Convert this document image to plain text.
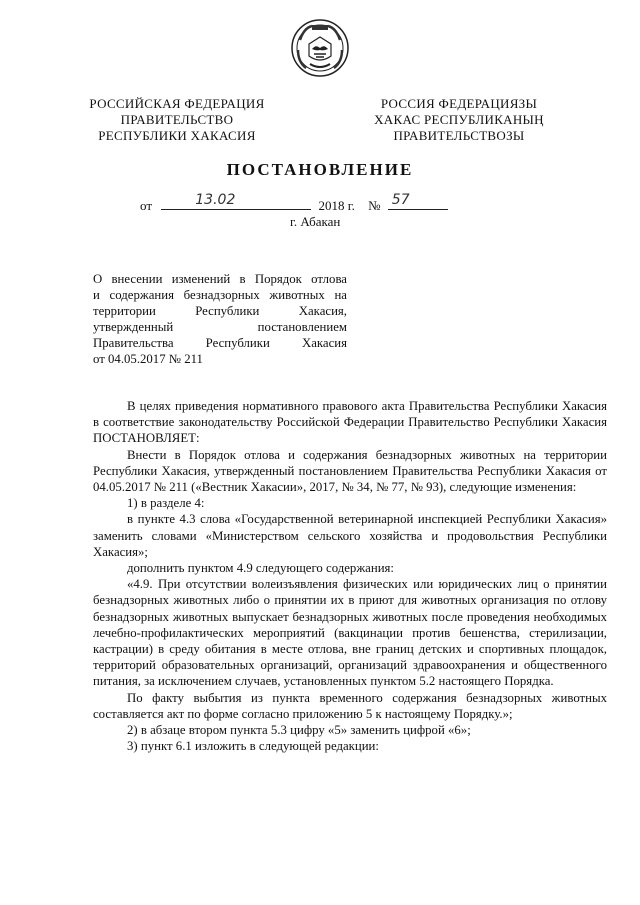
РОССИЙСКАЯ ФЕДЕРАЦИЯ
ПРАВИТЕЛЬСТВО
РЕСПУБЛИКИ ХАКАСИЯ
РОССИЯ ФЕДЕРАЦИЯЗЫ
ХАКАС РЕСПУБЛИКАНЫҢ
ПРАВИТЕЛЬСТВОЗЫ
ПОСТАНОВЛЕНИЕ
от	13.02	2018 г. № 57
г. Абакан
О внесении изменений в Порядок отлова
и содержания безнадзорных животных на
территории Республики Хакасия,
утвержденный постановлением
Правительства Республики Хакасия
от 04.05.2017 № 211

В целях приведения нормативного правового акта Правительства Республики Хакасия в соответствие законодательству Российской Федерации Правительство Республики Хакасия ПОСТАНОВЛЯЕТ:

Внести в Порядок отлова и содержания безнадзорных животных на территории Республики Хакасия, утвержденный постановлением Правительства Республики Хакасия от 04.05.2017 № 211 («Вестник Хакасии», 2017, № 34, № 77, № 93), следующие изменения:

1) в разделе 4:

в пункте 4.3 слова «Государственной ветеринарной инспекцией Республики Хакасия» заменить словами «Министерством сельского хозяйства и продовольствия Республики Хакасия»;

дополнить пунктом 4.9 следующего содержания:

«4.9. При отсутствии волеизъявления физических или юридических лиц о принятии безнадзорных животных либо о принятии их в приют для животных организация по отлову безнадзорных животных выпускает безнадзорных животных после проведения необходимых лечебно-профилактических мероприятий (вакцинации против бешенства, стерилизации, кастрации) в среду обитания в месте отлова, вне границ детских и спортивных площадок, территорий образовательных организаций, организаций здравоохранения и общественного питания, за исключением случаев, установленных пунктом 5.2 настоящего Порядка.

По факту выбытия из пункта временного содержания безнадзорных животных составляется акт по форме согласно приложению 5 к настоящему Порядку.»;

2) в абзаце втором пункта 5.3 цифру «5» заменить цифрой «6»;

3) пункт 6.1 изложить в следующей редакции:
